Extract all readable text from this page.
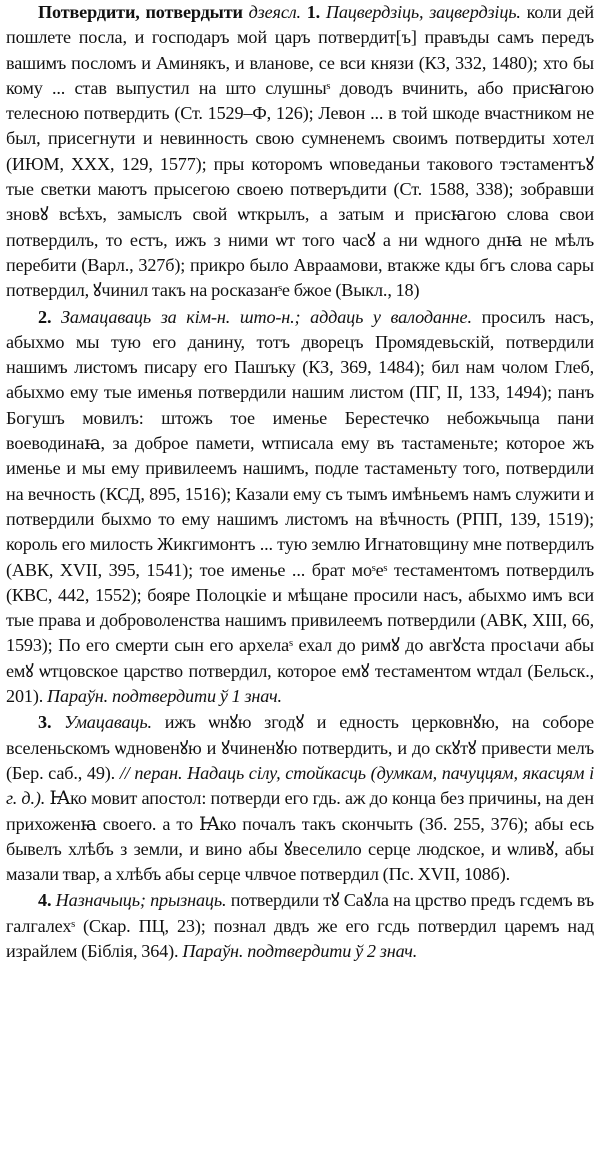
Потвердити, потвердыти дзеясл. 1. Пацвердзіць, зацвердзіць. коли дей пошлете посла, и господаръ мой царъ потвердит[ъ] правъды самъ передъ вашимъ посломъ и Аминякъ, и вланове, се вси князи (КЗ, 332, 1480); хто бы кому ... став выпустил на што слушныˢ доводъ вчинить, або присꙗгою телесною потвердить (Ст. 1529–Ф, 126); Левон ... в той шкоде вчастником не был, присегнути и невинность свою сумненемъ своимъ потвердиты хотел (ИЮМ, XXX, 129, 1577); пры которомъ ѡповеданьи такового тэстаментъꙋ тые светки маютъ прысегою своею потверъдити (Ст. 1588, 338); зобравши зновꙋ всѣхъ, замыслъ свой ѡткрылъ, а затым и присꙗгою слова свои потвердилъ, то естъ, ижъ з ними ѡт того часꙋ а ни ѡдного днꙗ не мѣлъ перебити (Варл., 327б); прикро было Авраамови, втакже кды бгъ слова сары потвердил, ꙋчинил такъ на росказанˢе бжое (Выкл., 18)

2. Замацаваць за кім-н. што-н.; аддаць у валоданне. просилъ насъ, абыхмо мы тую его данину, тотъ дворецъ Промядевьскій, потвердили нашимъ листомъ писару его Пашъку (КЗ, 369, 1484); бил нам чолом Глеб, абыхмо ему тые именья потвердили нашим листом (ПГ, II, 133, 1494); панъ Богушъ мовилъ: штожъ тое именье Берестечко небожьчыца пани воеводинаꙗ, за доброе памети, ѡтписала ему въ тастаменьте; которое жъ именье и мы ему привилеемъ нашимъ, подле тастаменьту того, потвердили на вечность (КСД, 895, 1516); Казали ему съ тымъ имѣньемъ намъ служити и потвердили быхмо то ему нашимъ листомъ на вѣчность (РПП, 139, 1519); король его милость Жикгимонтъ ... тую землю Игнатовщину мне потвердилъ (АВК, XVII, 395, 1541); тое именье ... брат моˢеˢ тестаментомъ потвердилъ (КВС, 442, 1552); бояре Полоцкіе и мѣщане просили насъ, абыхмо имъ вси тые права и доброволенства нашимъ привилеемъ потвердили (АВК, XIII, 66, 1593); По его смерти сын его архелаˢ ехал до римꙋ до авгꙋста просꙇачи абы емꙋ ѡтцовское царство потвердил, которое емꙋ тестаментом ѡтдал (Бельск., 201). Параўн. подтвердити ў 1 знач.

3. Умацаваць. ижъ ѡнꙋю згодꙋ и едность церковнꙋю, на соборе вселеньскомъ ѡдновенꙋю и ꙋчиненꙋю потвердить, и до скꙋтꙋ привести мелъ (Бер. саб., 49). // перан. Надаць сілу, стойкасць (думкам, пачуццям, якасцям і г. д.). Ꙗко мовит апостол: потверди его гдь. аж до конца без причины, на ден прихоженꙗ своего. а то Ꙗко почалъ такъ скончыть (Зб. 255, 376); абы есь бывелъ хлѣбъ з земли, и вино абы ꙋвеселило серце людское, и ѡливꙋ, абы мазали твар, а хлѣбъ абы серце члвчое потвердил (Пс. XVII, 108б).

4. Назначыць; прызнаць. потвердили тꙋ Саꙋла на црство предъ гсдемъ въ галгалехˢ (Скар. ПЦ, 23); познал двдъ же его гсдь потвердил царемъ над израйлем (Біблія, 364). Параўн. подтвердити ў 2 знач.
